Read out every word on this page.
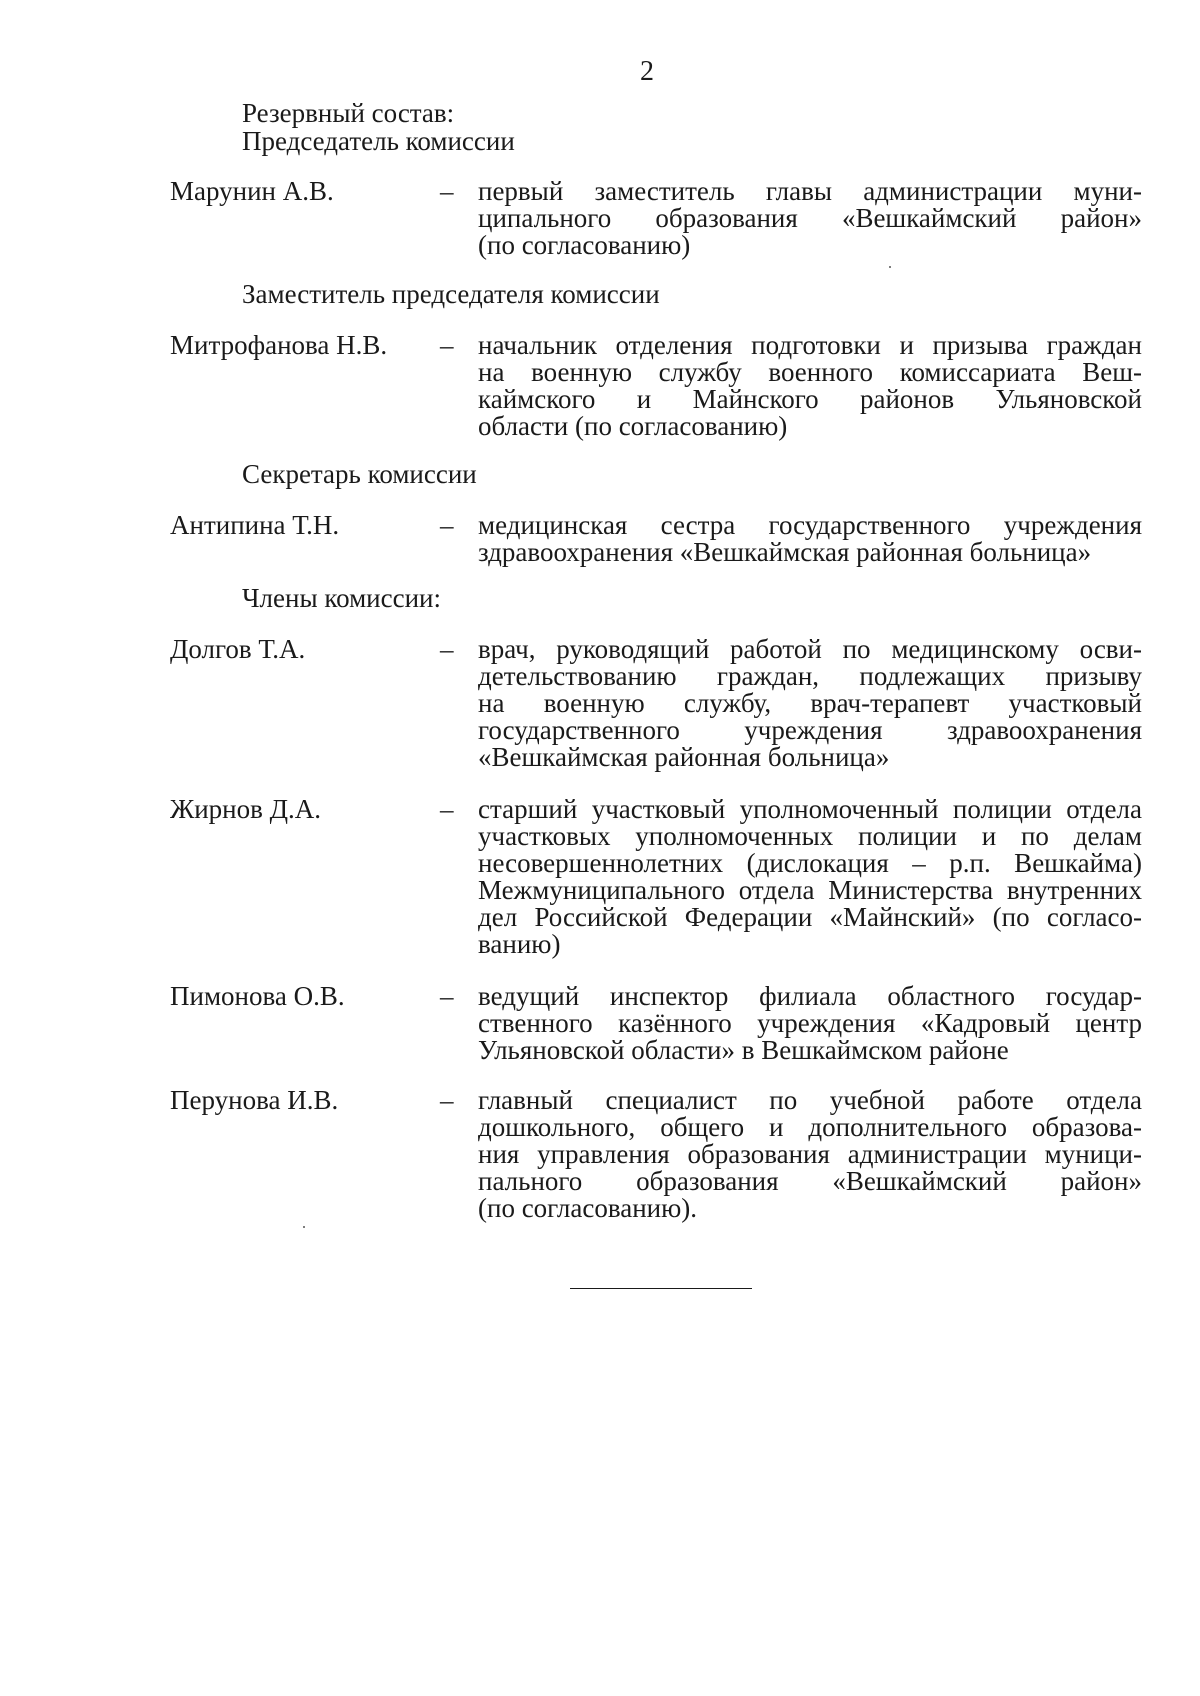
2
Резервный состав:
Председатель комиссии
Марунин А.В.	– первый заместитель главы администрации муни-
ципального образования «Вешкаймский район»
(по согласованию)
Заместитель председателя комиссии
Митрофанова Н.В. – начальник отделения подготовки и призыва граждан
на военную службу военного комиссариата Веш-
каймского и Майнского районов Ульяновской
области (по согласованию)
Секретарь комиссии
Антипина Т.Н.	– медицинская сестра государственного учреждения
здравоохранения «Вешкаймская районная больница»
Члены комиссии:
Долгов Т.А.	– врач, руководящий работой по медицинскому осви-
детельствованию граждан, подлежащих призыву
на военную службу, врач-терапевт участковый
государственного учреждения здравоохранения
«Вешкаймская районная больница»
Жирнов Д.А.	– старший участковый уполномоченный полиции отдела
участковых уполномоченных полиции и по делам
несовершеннолетних (дислокация – р.п. Вешкайма)
Межмуниципального отдела Министерства внутренних
дел Российской Федерации «Майнский» (по согласо-
ванию)
Пимонова О.В.	– ведущий инспектор филиала областного государ-
ственного казённого учреждения «Кадровый центр
Ульяновской области» в Вешкаймском районе
Перунова И.В.	– главный специалист по учебной работе отдела
дошкольного, общего и дополнительного образова-
ния управления образования администрации муници-
пального образования «Вешкаймский район»
(по согласованию).
